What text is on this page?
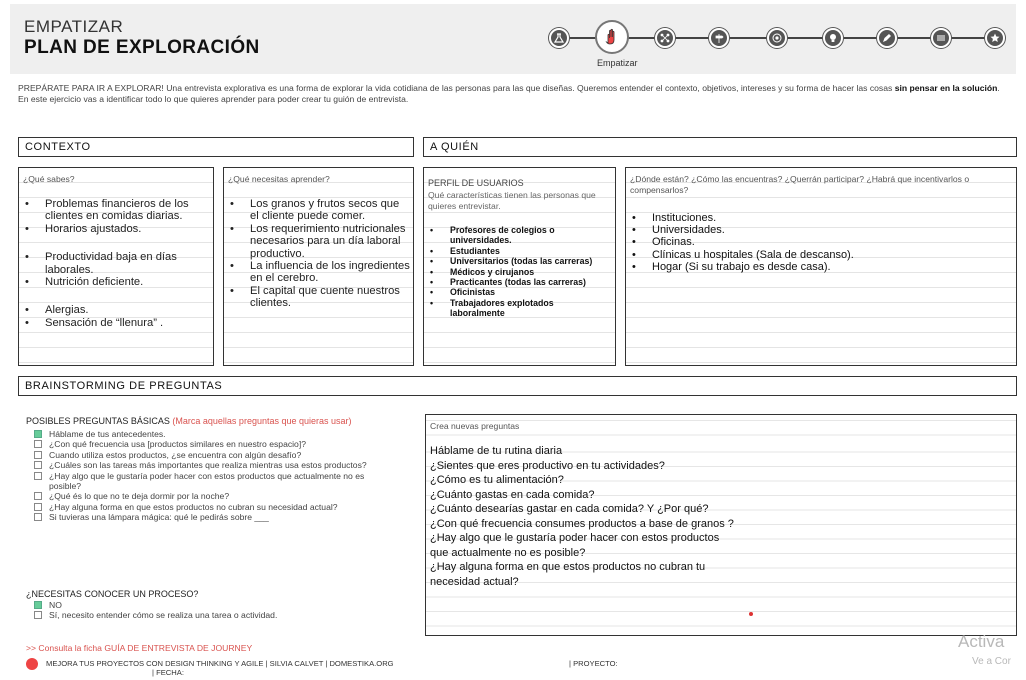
EMPATIZAR
PLAN DE EXPLORACIÓN
Empatizar
PREPÁRATE PARA IR A EXPLORAR! Una entrevista explorativa es una forma de explorar la vida cotidiana de las personas para las que diseñas. Queremos entender el contexto, objetivos, intereses y su forma de hacer las cosas sin pensar en la solución.
En este ejercicio vas a identificar todo lo que quieres aprender para poder crear tu guión de entrevista.
CONTEXTO
¿Qué sabes?
• Problemas financieros de los clientes en comidas diarias.
• Horarios ajustados.
• Productividad baja en días laborales.
• Nutrición deficiente.
• Alergias.
• Sensación de “llenura” .
¿Qué necesitas aprender?
• Los granos y frutos secos que el cliente puede comer.
• Los requerimiento nutricionales necesarios para un día laboral productivo.
• La influencia de los ingredientes en el cerebro.
• El capital que cuente nuestros clientes.
A QUIÉN
PERFIL DE USUARIOS
Qué características tienen las personas que quieres entrevistar.
• Profesores de colegios o universidades.
• Estudiantes
• Universitarios (todas las carreras)
• Médicos y cirujanos
• Practicantes (todas las carreras)
• Oficinistas
• Trabajadores explotados laboralmente
¿Dónde están? ¿Cómo las encuentras? ¿Querrán participar? ¿Habrá que incentivarlos o compensarlos?
• Instituciones.
• Universidades.
• Oficinas.
• Clínicas u hospitales (Sala de descanso).
• Hogar (Si su trabajo es desde casa).
BRAINSTORMING DE PREGUNTAS
POSIBLES PREGUNTAS BÁSICAS (Marca aquellas preguntas que quieras usar)
Háblame de tus antecedentes.
¿Con qué frecuencia usa [productos similares en nuestro espacio]?
Cuando utiliza estos productos, ¿se encuentra con algún desafío?
¿Cuáles son las tareas más importantes que realiza mientras usa estos productos?
¿Hay algo que le gustaría poder hacer con estos productos que actualmente no es posible?
¿Qué és lo que no te deja dormir por la noche?
¿Hay alguna forma en que estos productos no cubran su necesidad actual?
Si tuvieras una lámpara mágica: qué le pedirás sobre ___
¿NECESITAS CONOCER UN PROCESO?
NO
Sí, necesito entender cómo se realiza una tarea o actividad.
>> Consulta la ficha GUÍA DE ENTREVISTA DE JOURNEY
Crea nuevas preguntas
Háblame de tu rutina diaria
¿Sientes que eres productivo en tu actividades?
¿Cómo es tu alimentación?
¿Cuánto gastas en cada comida?
¿Cuánto desearías gastar en cada comida? Y ¿Por qué?
¿Con qué frecuencia consumes productos a base de granos ?
¿Hay algo que le gustaría poder hacer con estos productos
que actualmente no es posible?
¿Hay alguna forma en que estos productos no cubran tu
necesidad actual?
MEJORA TUS PROYECTOS CON DESIGN THINKING Y AGILE | SILVIA CALVET | DOMESTIKA.ORG	| PROYECTO:
| FECHA:
Activa
Ve a Cor
